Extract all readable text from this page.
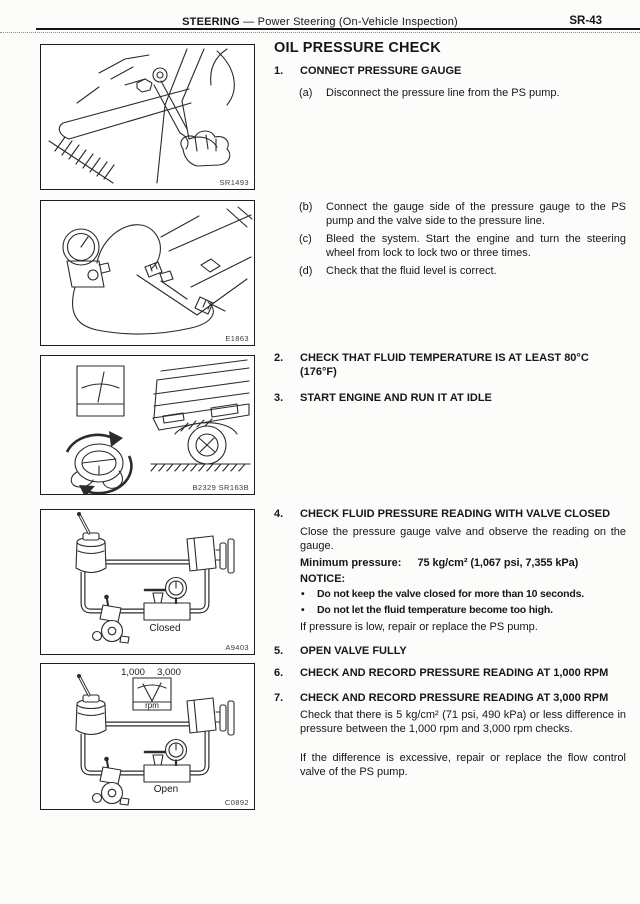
STEERING — Power Steering (On-Vehicle Inspection)	SR-43
SR1493
E1863
B2329 SR163B
Closed
A9403
1,000	3,000
rpm
Open
C0892
OIL PRESSURE CHECK
1. CONNECT PRESSURE GAUGE
(a) Disconnect the pressure line from the PS pump.
(b) Connect the gauge side of the pressure gauge to the PS pump and the valve side to the pressure line.
(c) Bleed the system. Start the engine and turn the steering wheel from lock to lock two or three times.
(d) Check that the fluid level is correct.
2. CHECK THAT FLUID TEMPERATURE IS AT LEAST 80°C (176°F)
3. START ENGINE AND RUN IT AT IDLE
4. CHECK FLUID PRESSURE READING WITH VALVE CLOSED
Close the pressure gauge valve and observe the reading on the gauge.
Minimum pressure: 75 kg/cm² (1,067 psi, 7,355 kPa)
NOTICE:
• Do not keep the valve closed for more than 10 seconds.
• Do not let the fluid temperature become too high.
If pressure is low, repair or replace the PS pump.
5. OPEN VALVE FULLY
6. CHECK AND RECORD PRESSURE READING AT 1,000 RPM
7. CHECK AND RECORD PRESSURE READING AT 3,000 RPM
Check that there is 5 kg/cm² (71 psi, 490 kPa) or less difference in pressure between the 1,000 rpm and 3,000 rpm checks.
If the difference is excessive, repair or replace the flow control valve of the PS pump.
